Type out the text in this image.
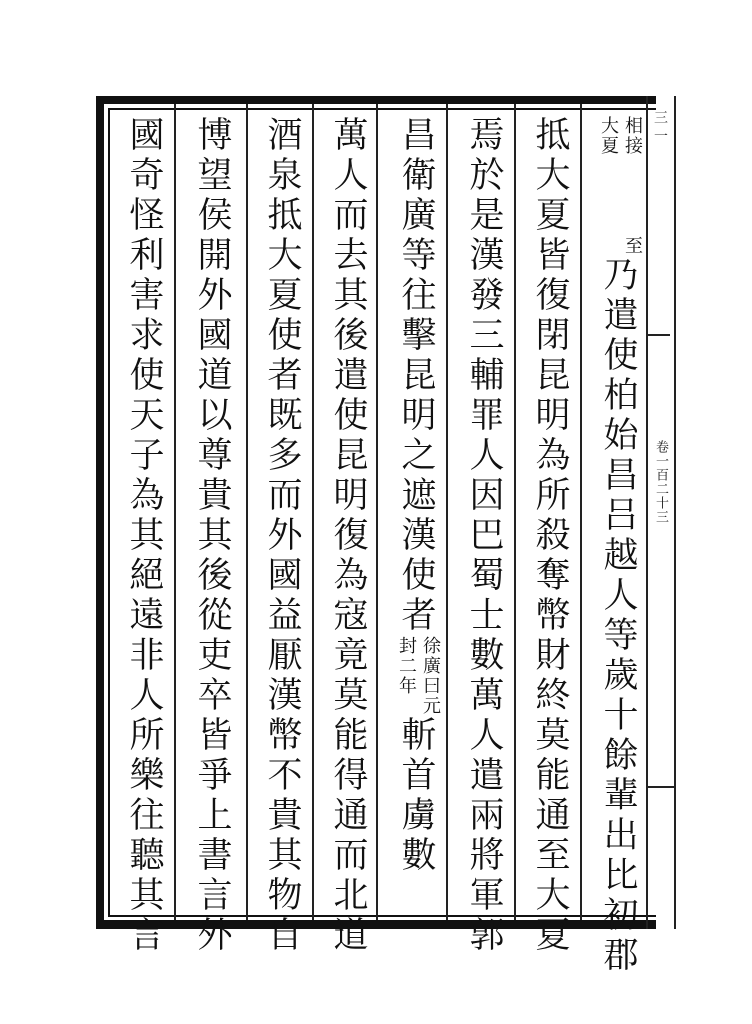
三 一
卷一百二十三
相接
大夏
至
乃遣使柏始昌吕越人等歲十餘輩出比初郡
抵大夏皆復閉昆明為所殺奪幣財終莫能通至大夏
焉於是漢發三輔罪人因巴蜀士數萬人遣兩將軍郭
昌衛廣等往擊昆明之遮漢使者
徐廣曰元
封二年
斬首虜數
萬人而去其後遣使昆明復為寇竟莫能得通而北道
酒泉抵大夏使者既多而外國益厭漢幣不貴其物自
博望侯開外國道以尊貴其後從吏卒皆爭上書言外
國奇怪利害求使天子為其絕遠非人所樂往聽其言
